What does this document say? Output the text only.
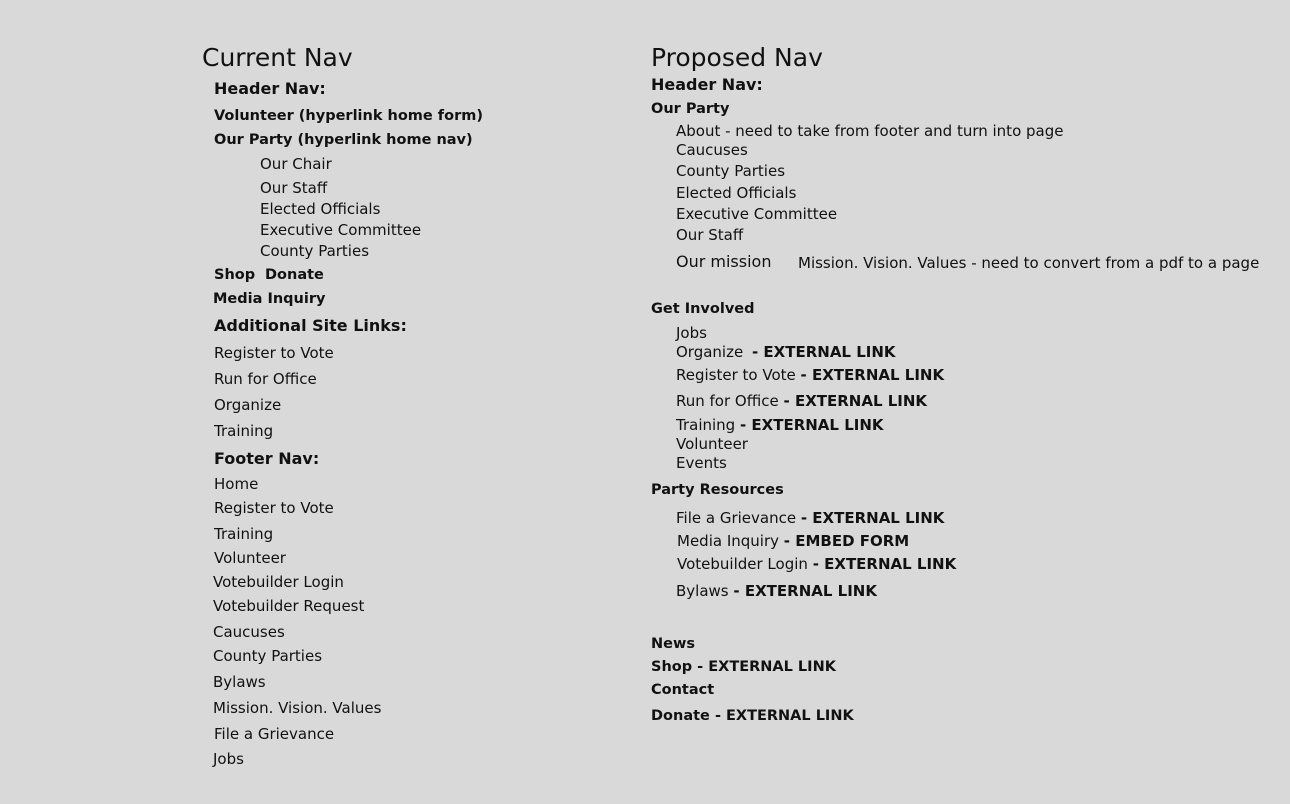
Current Nav
Header Nav:
Volunteer (hyperlink home form)
Our Party (hyperlink home nav)
Our Chair
Our Staff
Elected Officials
Executive Committee
County Parties
Shop Donate
Media Inquiry
Additional Site Links:
Register to Vote
Run for Office
Organize
Training
Footer Nav:
Home
Register to Vote
Training
Volunteer
Votebuilder Login
Votebuilder Request
Caucuses
County Parties
Bylaws
Mission. Vision. Values
File a Grievance
Jobs
Proposed Nav
Header Nav:
Our Party
About - need to take from footer and turn into page
Caucuses
County Parties
Elected Officials
Executive Committee
Our Staff
Our mission Mission. Vision. Values - need to convert from a pdf to a page
Get Involved
Jobs
Organize - EXTERNAL LINK
Register to Vote - EXTERNAL LINK
Run for Office - EXTERNAL LINK
Training - EXTERNAL LINK
Volunteer
Events
Party Resources
File a Grievance - EXTERNAL LINK
Media Inquiry - EMBED FORM
Votebuilder Login - EXTERNAL LINK
Bylaws - EXTERNAL LINK
News
Shop - EXTERNAL LINK
Contact
Donate - EXTERNAL LINK
